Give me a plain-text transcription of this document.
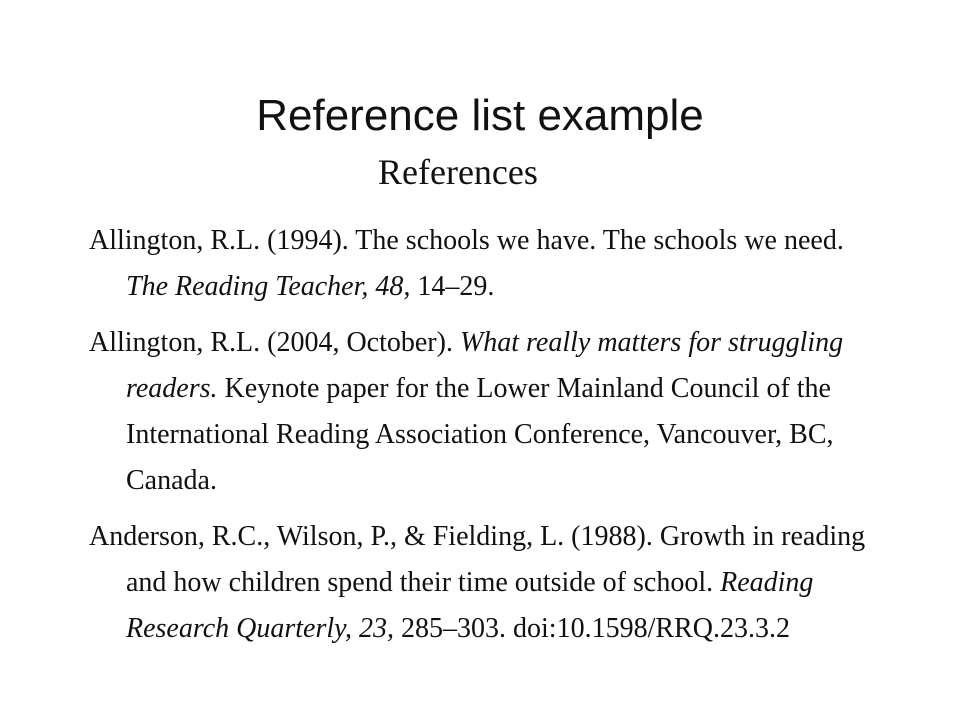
Reference list example
References

Allington, R.L. (1994). The schools we have. The schools we need. The Reading Teacher, 48, 14–29.

Allington, R.L. (2004, October). What really matters for struggling readers. Keynote paper for the Lower Mainland Council of the International Reading Association Conference, Vancouver, BC, Canada.

Anderson, R.C., Wilson, P., & Fielding, L. (1988). Growth in reading and how children spend their time outside of school. Reading Research Quarterly, 23, 285–303. doi:10.1598/RRQ.23.3.2
